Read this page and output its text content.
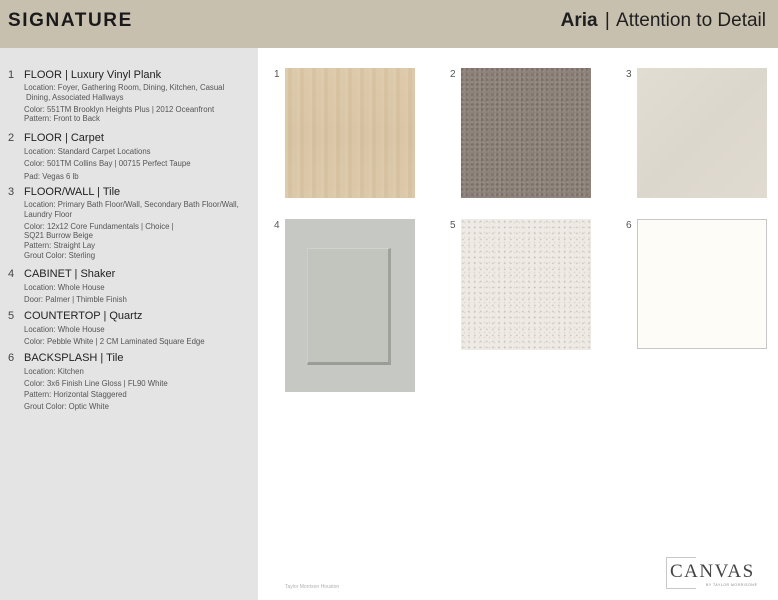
SIGNATURE	Aria | Attention to Detail
1 FLOOR | Luxury Vinyl Plank
Location: Foyer, Gathering Room, Dining, Kitchen, Casual
Dining, Associated Hallways
Color: 551TM Brooklyn Heights Plus | 2012 Oceanfront
Pattern: Front to Back
2 FLOOR | Carpet
Location: Standard Carpet Locations
Color: 501TM Collins Bay | 00715 Perfect Taupe
Pad: Vegas 6 lb
3 FLOOR/WALL | Tile
Location: Primary Bath Floor/Wall, Secondary Bath Floor/Wall,
Laundry Floor
Color: 12x12 Core Fundamentals | Choice |
SQ21 Burrow Beige
Pattern: Straight Lay
Grout Color: Sterling
4 CABINET | Shaker
Location: Whole House
Door: Palmer | Thimble Finish
5 COUNTERTOP | Quartz
Location: Whole House
Color: Pebble White | 2 CM Laminated Square Edge
6 BACKSPLASH | Tile
Location: Kitchen
Color: 3x6 Finish Line Gloss | FL90 White
Pattern: Horizontal Staggered
Grout Color: Optic White
1	2	3
4	5	6
Taylor Morrison Houston
CANVAS
BY TAYLOR MORRISON®
